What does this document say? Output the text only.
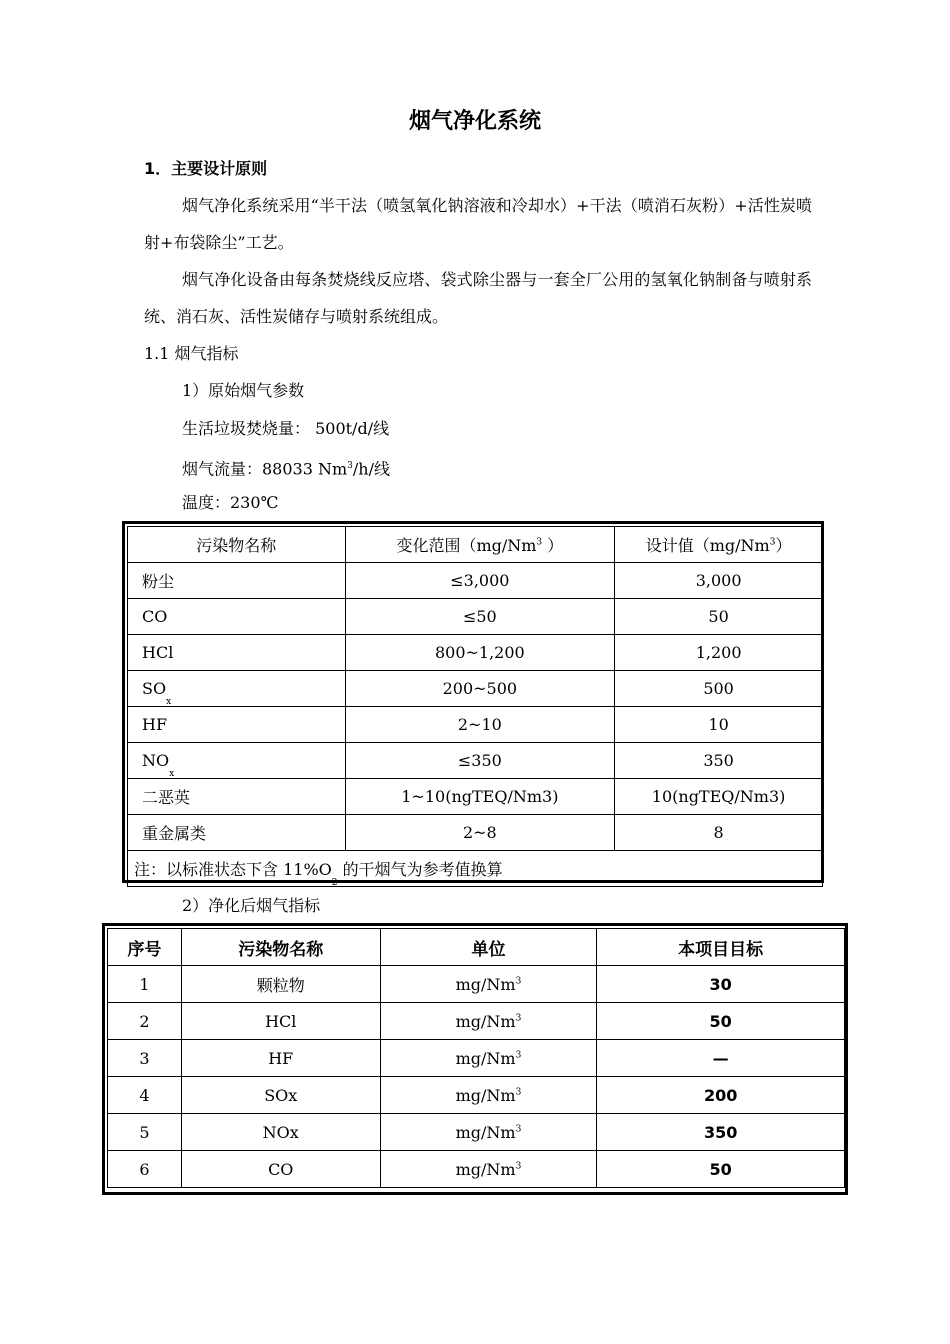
烟气净化系统
1．主要设计原则

烟气净化系统采用“半干法（喷氢氧化钠溶液和冷却水）+干法（喷消石灰粉）+活性炭喷射+布袋除尘”工艺。

烟气净化设备由每条焚烧线反应塔、袋式除尘器与一套全厂公用的氢氧化钠制备与喷射系统、消石灰、活性炭储存与喷射系统组成。

1.1 烟气指标
1）原始烟气参数
生活垃圾焚烧量： 500t/d/线
烟气流量：88033 Nm$^3$/h/线
温度：230℃
污染物名称	变化范围（mg/Nm$^3$ ）	设计值（mg/Nm$^3$）
粉尘	≤3,000	3,000
CO	≤50	50
HCl	800~1,200	1,200
$SO_x$	200~500	500
HF	2~10	10
$NO_x$	≤350	350
二恶英	1~10(ngTEQ/Nm3)	10(ngTEQ/Nm3)
重金属类	2~8	8
注：以标准状态下含 $11\%O_2$ 的干烟气为参考值换算		
2）净化后烟气指标
序号	污染物名称	单位	本项目目标
1	颗粒物	mg/Nm$^3$	30
2	HCl	mg/Nm$^3$	50
3	HF	mg/Nm$^3$	—
4	SOx	mg/Nm$^3$	200
5	NOx	mg/Nm$^3$	350
6	CO	mg/Nm$^3$	50
